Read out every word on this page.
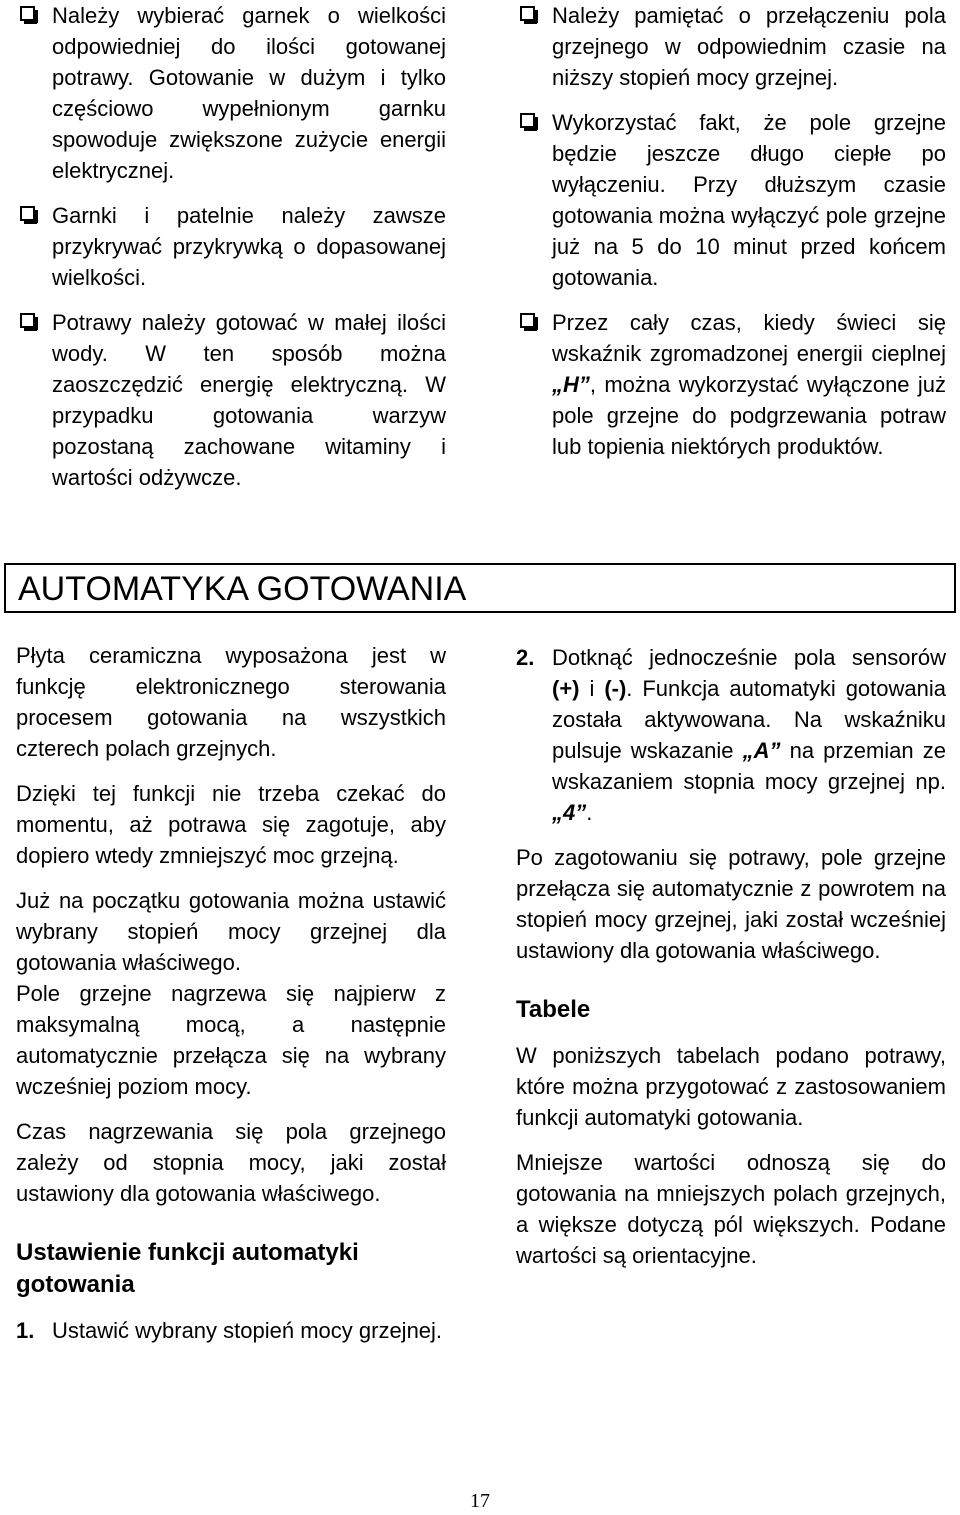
Należy wybierać garnek o wielkości odpowiedniej do ilości gotowanej potrawy. Gotowanie w dużym i tylko częściowo wypełnionym garnku spowoduje zwiększone zużycie energii elektrycznej.
Garnki i patelnie należy zawsze przykrywać przykrywką o dopasowanej wielkości.
Potrawy należy gotować w małej ilości wody. W ten sposób można zaoszczędzić energię elektryczną. W przypadku gotowania warzyw pozostaną zachowane witaminy i wartości odżywcze.
Należy pamiętać o przełączeniu pola grzejnego w odpowiednim czasie na niższy stopień mocy grzejnej.
Wykorzystać fakt, że pole grzejne będzie jeszcze długo ciepłe po wyłączeniu. Przy dłuższym czasie gotowania można wyłączyć pole grzejne już na 5 do 10 minut przed końcem gotowania.
Przez cały czas, kiedy świeci się wskaźnik zgromadzonej energii cieplnej „H”, można wykorzystać wyłączone już pole grzejne do podgrzewania potraw lub topienia niektórych produktów.
AUTOMATYKA GOTOWANIA

Płyta ceramiczna wyposażona jest w funkcję elektronicznego sterowania procesem gotowania na wszystkich czterech polach grzejnych.

Dzięki tej funkcji nie trzeba czekać do momentu, aż potrawa się zagotuje, aby dopiero wtedy zmniejszyć moc grzejną.

Już na początku gotowania można ustawić wybrany stopień mocy grzejnej dla gotowania właściwego.

Pole grzejne nagrzewa się najpierw z maksymalną mocą, a następnie automatycznie przełącza się na wybrany wcześniej poziom mocy.

Czas nagrzewania się pola grzejnego zależy od stopnia mocy, jaki został ustawiony dla gotowania właściwego.

Ustawienie funkcji automatyki gotowania
1. Ustawić wybrany stopień mocy grzejnej.
2. Dotknąć jednocześnie pola sensorów (+) i (-). Funkcja automatyki gotowania została aktywowana. Na wskaźniku pulsuje wskazanie „A” na przemian ze wskazaniem stopnia mocy grzejnej np. „4”.

Po zagotowaniu się potrawy, pole grzejne przełącza się automatycznie z powrotem na stopień mocy grzejnej, jaki został wcześniej ustawiony dla gotowania właściwego.

Tabele

W poniższych tabelach podano potrawy, które można przygotować z zastosowaniem funkcji automatyki gotowania.

Mniejsze wartości odnoszą się do gotowania na mniejszych polach grzejnych, a większe dotyczą pól większych. Podane wartości są orientacyjne.

17
